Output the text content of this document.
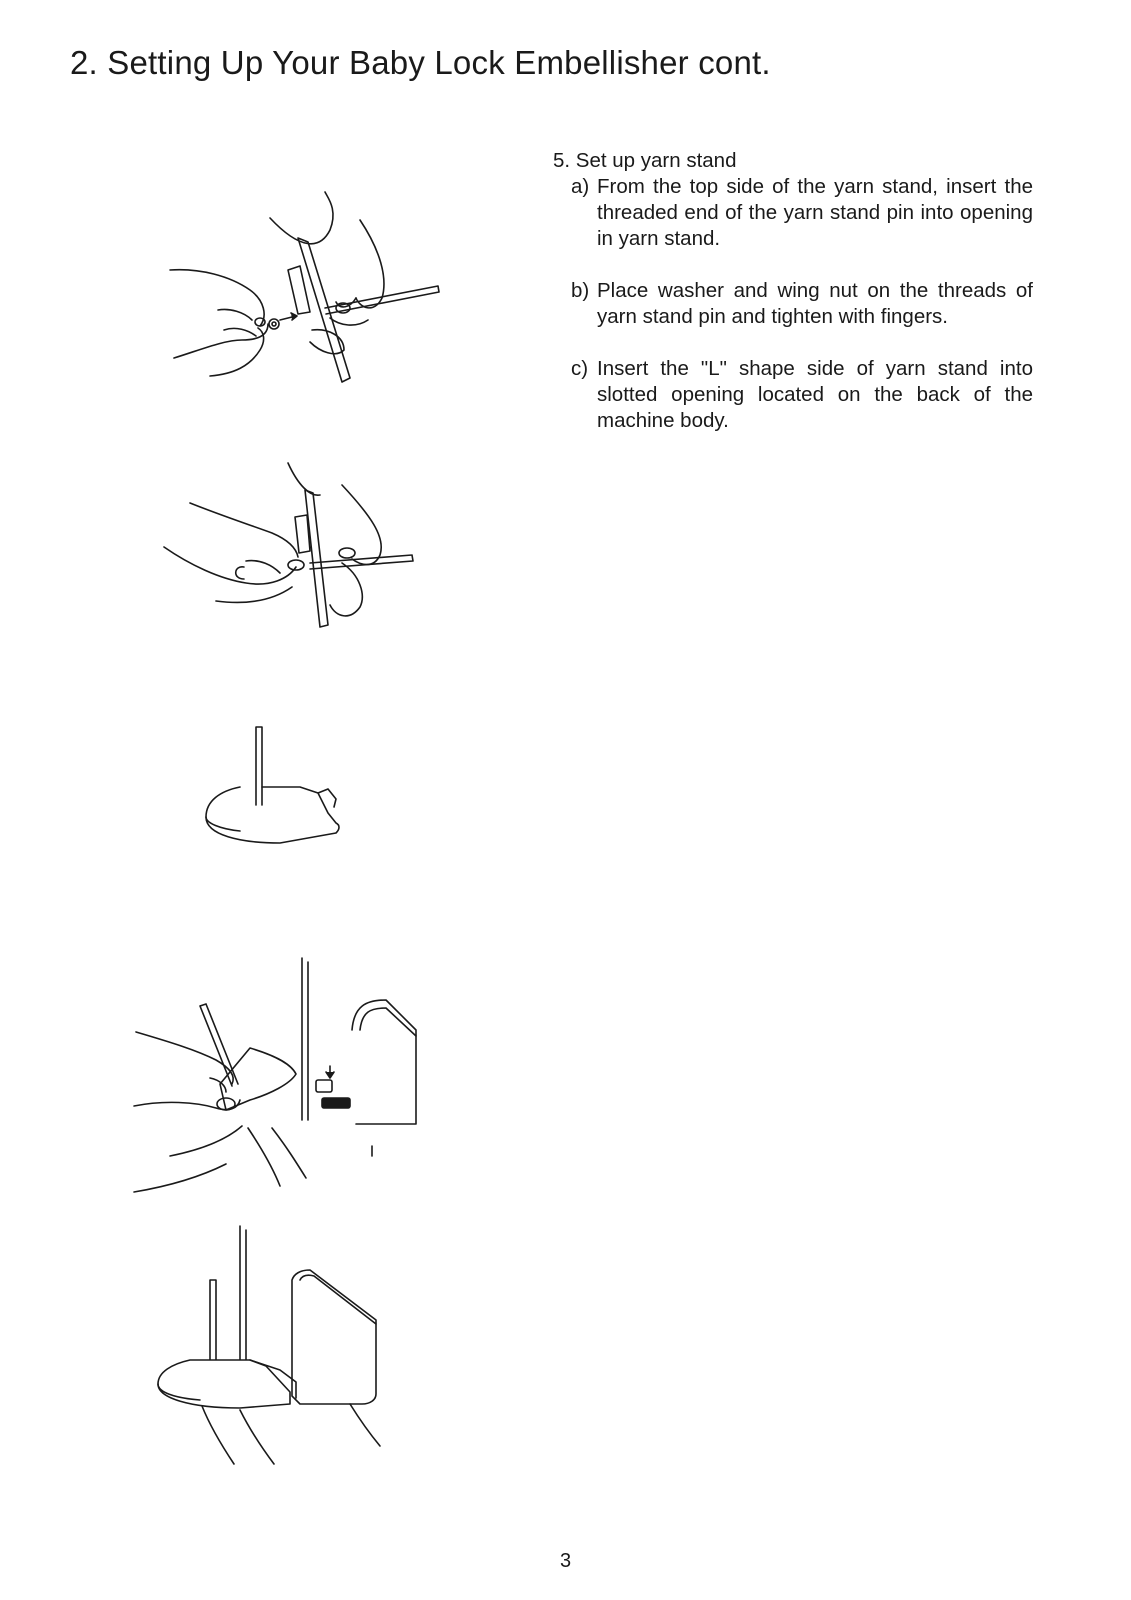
2. Setting Up Your Baby Lock Embellisher cont.
5. Set up yarn stand
a) From the top side of the yarn stand, insert the threaded end of the yarn stand pin into opening in yarn stand.
b) Place washer and wing nut on the threads of yarn stand pin and tighten with fingers.
c) Insert the "L" shape side of yarn stand into slotted opening located on the back of the machine body.
3
